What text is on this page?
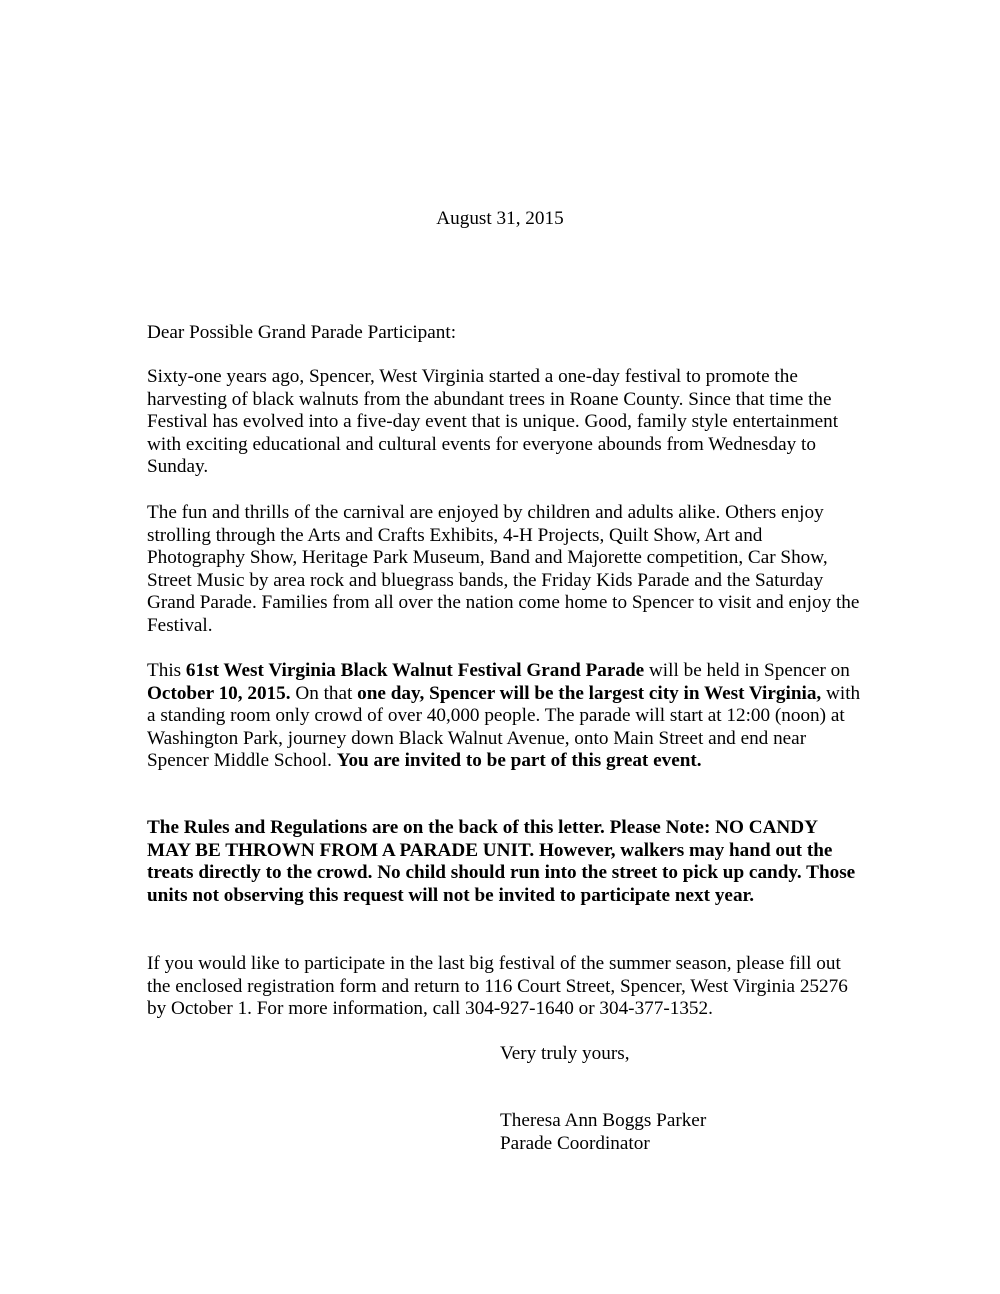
August 31, 2015

Dear Possible Grand Parade Participant:

Sixty-one years ago, Spencer, West Virginia started a one-day festival to promote the harvesting of black walnuts from the abundant trees in Roane County. Since that time the Festival has evolved into a five-day event that is unique. Good, family style entertainment with exciting educational and cultural events for everyone abounds from Wednesday to Sunday.

The fun and thrills of the carnival are enjoyed by children and adults alike. Others enjoy strolling through the Arts and Crafts Exhibits, 4-H Projects, Quilt Show, Art and Photography Show, Heritage Park Museum, Band and Majorette competition, Car Show, Street Music by area rock and bluegrass bands, the Friday Kids Parade and the Saturday Grand Parade. Families from all over the nation come home to Spencer to visit and enjoy the Festival.

This 61st West Virginia Black Walnut Festival Grand Parade will be held in Spencer on October 10, 2015. On that one day, Spencer will be the largest city in West Virginia, with a standing room only crowd of over 40,000 people. The parade will start at 12:00 (noon) at Washington Park, journey down Black Walnut Avenue, onto Main Street and end near Spencer Middle School. You are invited to be part of this great event.

The Rules and Regulations are on the back of this letter. Please Note: NO CANDY MAY BE THROWN FROM A PARADE UNIT. However, walkers may hand out the treats directly to the crowd. No child should run into the street to pick up candy. Those units not observing this request will not be invited to participate next year.

If you would like to participate in the last big festival of the summer season, please fill out the enclosed registration form and return to 116 Court Street, Spencer, West Virginia 25276 by October 1. For more information, call 304-927-1640 or 304-377-1352.

Very truly yours,
Theresa Ann Boggs Parker
Parade Coordinator
